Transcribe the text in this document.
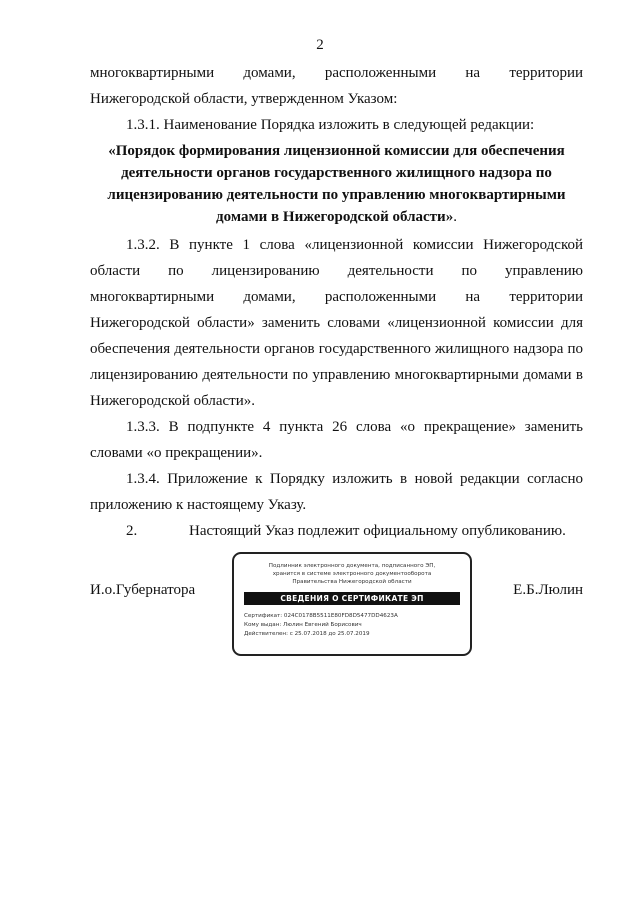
2

многоквартирными домами, расположенными на территории Нижегородской области, утвержденном Указом:

1.3.1. Наименование Порядка изложить в следующей редакции:

«Порядок формирования лицензионной комиссии для обеспечения деятельности органов государственного жилищного надзора по лицензированию деятельности по управлению многоквартирными домами в Нижегородской области».

1.3.2. В пункте 1 слова «лицензионной комиссии Нижегородской области по лицензированию деятельности по управлению многоквартирными домами, расположенными на территории Нижегородской области» заменить словами «лицензионной комиссии для обеспечения деятельности органов государственного жилищного надзора по лицензированию деятельности по управлению многоквартирными домами в Нижегородской области».

1.3.3. В подпункте 4 пункта 26 слова «о прекращение» заменить словами «о прекращении».

1.3.4. Приложение к Порядку изложить в новой редакции согласно приложению к настоящему Указу.

2.	Настоящий Указ подлежит официальному опубликованию.

И.о.Губернатора
Подлинник электронного документа, подписанного ЭП,
хранится в системе электронного документооборота
Правительства Нижегородской области
СВЕДЕНИЯ О СЕРТИФИКАТЕ ЭП
Сертификат: 024C0178B5511E80FD8D5477DD4623A
Кому выдан: Люлин Евгений Борисович
Действителен: с 25.07.2018 до 25.07.2019
Е.Б.Люлин
